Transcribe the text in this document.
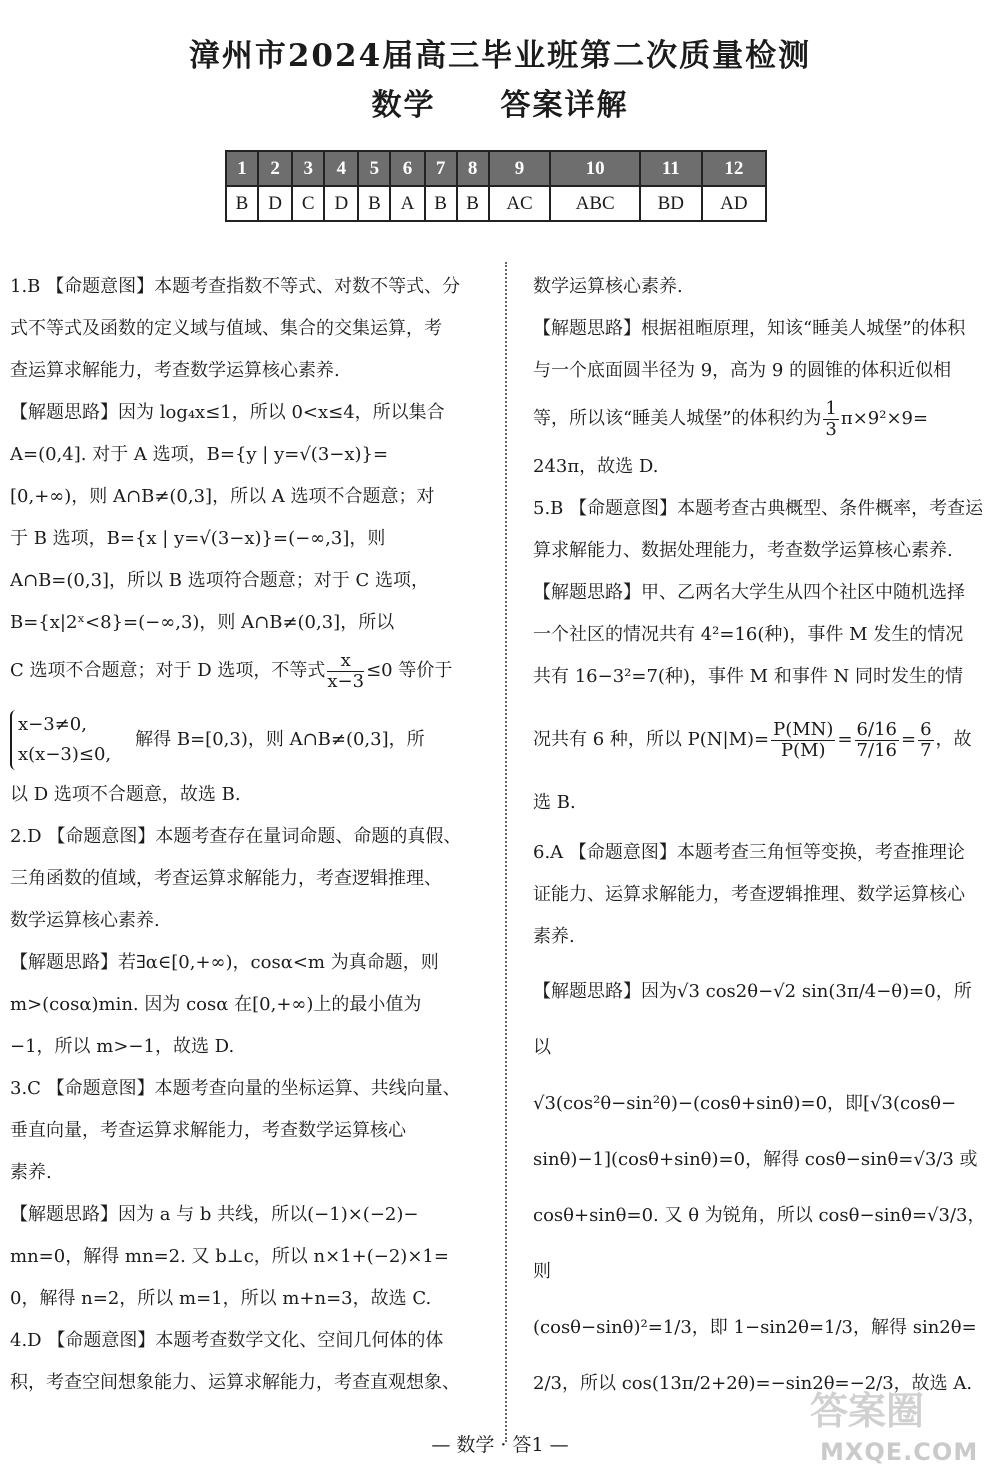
漳州市2024届高三毕业班第二次质量检测
数学 答案详解
1	2	3	4	5	6	7	8	9	10	11	12
B	D	C	D	B	A	B	B	AC	ABC	BD	AD

1.B 【命题意图】本题考查指数不等式、对数不等式、分

式不等式及函数的定义域与值域、集合的交集运算，考

查运算求解能力，考查数学运算核心素养.

【解题思路】因为 log₄x≤1，所以 0<x≤4，所以集合

A=(0,4]. 对于 A 选项，B={y | y=√(3−x)}=

[0,+∞)，则 A∩B≠(0,3]，所以 A 选项不合题意；对

于 B 选项，B={x | y=√(3−x)}=(−∞,3]，则

A∩B=(0,3]，所以 B 选项符合题意；对于 C 选项，

B={x|2ˣ<8}=(−∞,3)，则 A∩B≠(0,3]，所以

C 选项不合题意；对于 D 选项，不等式 $\frac{x}{x-3} \le 0$ 等价于

x−3≠0,
x(x−3)≤0,
解得 B=[0,3)，则 A∩B≠(0,3]，所

以 D 选项不合题意，故选 B.

2.D 【命题意图】本题考查存在量词命题、命题的真假、

三角函数的值域，考查运算求解能力，考查逻辑推理、

数学运算核心素养.

【解题思路】若∃α∈[0,+∞)，cosα<m 为真命题，则

m>(cosα)min. 因为 cosα 在[0,+∞)上的最小值为

−1，所以 m>−1，故选 D.

3.C 【命题意图】本题考查向量的坐标运算、共线向量、

垂直向量，考查运算求解能力，考查数学运算核心

素养.

【解题思路】因为 a 与 b 共线，所以(−1)×(−2)−

mn=0，解得 mn=2. 又 b⊥c，所以 n×1+(−2)×1=

0，解得 n=2，所以 m=1，所以 m+n=3，故选 C.

4.D 【命题意图】本题考查数学文化、空间几何体的体

积，考查空间想象能力、运算求解能力，考查直观想象、

数学运算核心素养.

【解题思路】根据祖暅原理，知该“睡美人城堡”的体积

与一个底面圆半径为 9，高为 9 的圆锥的体积近似相

等，所以该“睡美人城堡”的体积约为 $\frac{1}{3} \pi\times 9^2\times 9=$

243π，故选 D.

5.B 【命题意图】本题考查古典概型、条件概率，考查运

算求解能力、数据处理能力，考查数学运算核心素养.

【解题思路】甲、乙两名大学生从四个社区中随机选择

一个社区的情况共有 4²=16(种)，事件 M 发生的情况

共有 16−3²=7(种)，事件 M 和事件 N 同时发生的情

况共有 6 种，所以 $P(N|M)= \frac{P(MN)}{P(M)} = \frac{6/16}{7/16} = \frac{6}{7}$ ，故

选 B.

6.A 【命题意图】本题考查三角恒等变换，考查推理论

证能力、运算求解能力，考查逻辑推理、数学运算核心

素养.

【解题思路】因为√3 cos2θ−√2 sin(3π/4−θ)=0，所以

√3(cos²θ−sin²θ)−(cosθ+sinθ)=0，即[√3(cosθ−

sinθ)−1](cosθ+sinθ)=0，解得 cosθ−sinθ=√3/3 或

cosθ+sinθ=0. 又 θ 为锐角，所以 cosθ−sinθ=√3/3，则

(cosθ−sinθ)²=1/3，即 1−sin2θ=1/3，解得 sin2θ=

2/3，所以 cos(13π/2+2θ)=−sin2θ=−2/3，故选 A.

— 数学 · 答1 —
答案圈
MXQE.COM
